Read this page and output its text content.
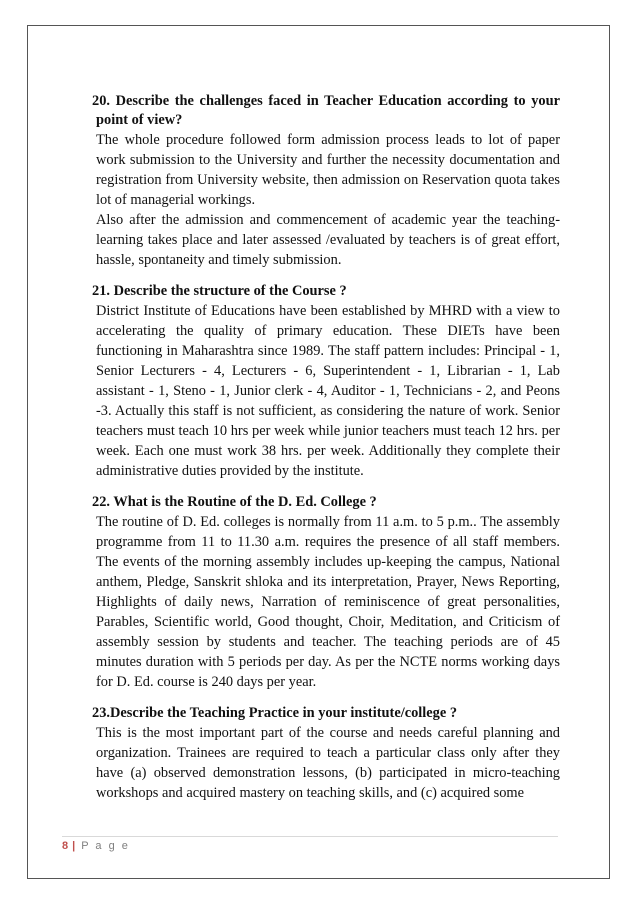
20. Describe the challenges faced in Teacher Education according to your point of view?

The whole procedure followed form admission process leads to lot of paper work submission to the University and further the necessity documentation and registration from University website, then admission on Reservation quota takes lot of managerial workings.

Also after the admission and commencement of academic year the teaching-learning takes place and later assessed /evaluated by teachers is of great effort, hassle, spontaneity and timely submission.

21. Describe the structure of the Course ?

District Institute of Educations have been established by MHRD with a view to accelerating the quality of primary education. These DIETs have been functioning in Maharashtra since 1989. The staff pattern includes: Principal - 1, Senior Lecturers - 4, Lecturers - 6, Superintendent - 1, Librarian - 1, Lab assistant - 1, Steno - 1, Junior clerk - 4, Auditor - 1, Technicians - 2, and Peons -3. Actually this staff is not sufficient, as considering the nature of work. Senior teachers must teach 10 hrs per week while junior teachers must teach 12 hrs. per week. Each one must work 38 hrs. per week. Additionally they complete their administrative duties provided by the institute.

22. What is the Routine of the D. Ed. College ?

The routine of D. Ed. colleges is normally from 11 a.m. to 5 p.m.. The assembly programme from 11 to 11.30 a.m. requires the presence of all staff members. The events of the morning assembly includes up-keeping the campus, National anthem, Pledge, Sanskrit shloka and its interpretation, Prayer, News Reporting, Highlights of daily news, Narration of reminiscence of great personalities, Parables, Scientific world, Good thought, Choir, Meditation, and Criticism of assembly session by students and teacher. The teaching periods are of 45 minutes duration with 5 periods per day. As per the NCTE norms working days for D. Ed. course is 240 days per year.

23.Describe the Teaching Practice in your institute/college ?

This is the most important part of the course and needs careful planning and organization. Trainees are required to teach a particular class only after they have (a) observed demonstration lessons, (b) participated in micro-teaching workshops and acquired mastery on teaching skills, and (c) acquired some

8 | P a g e
